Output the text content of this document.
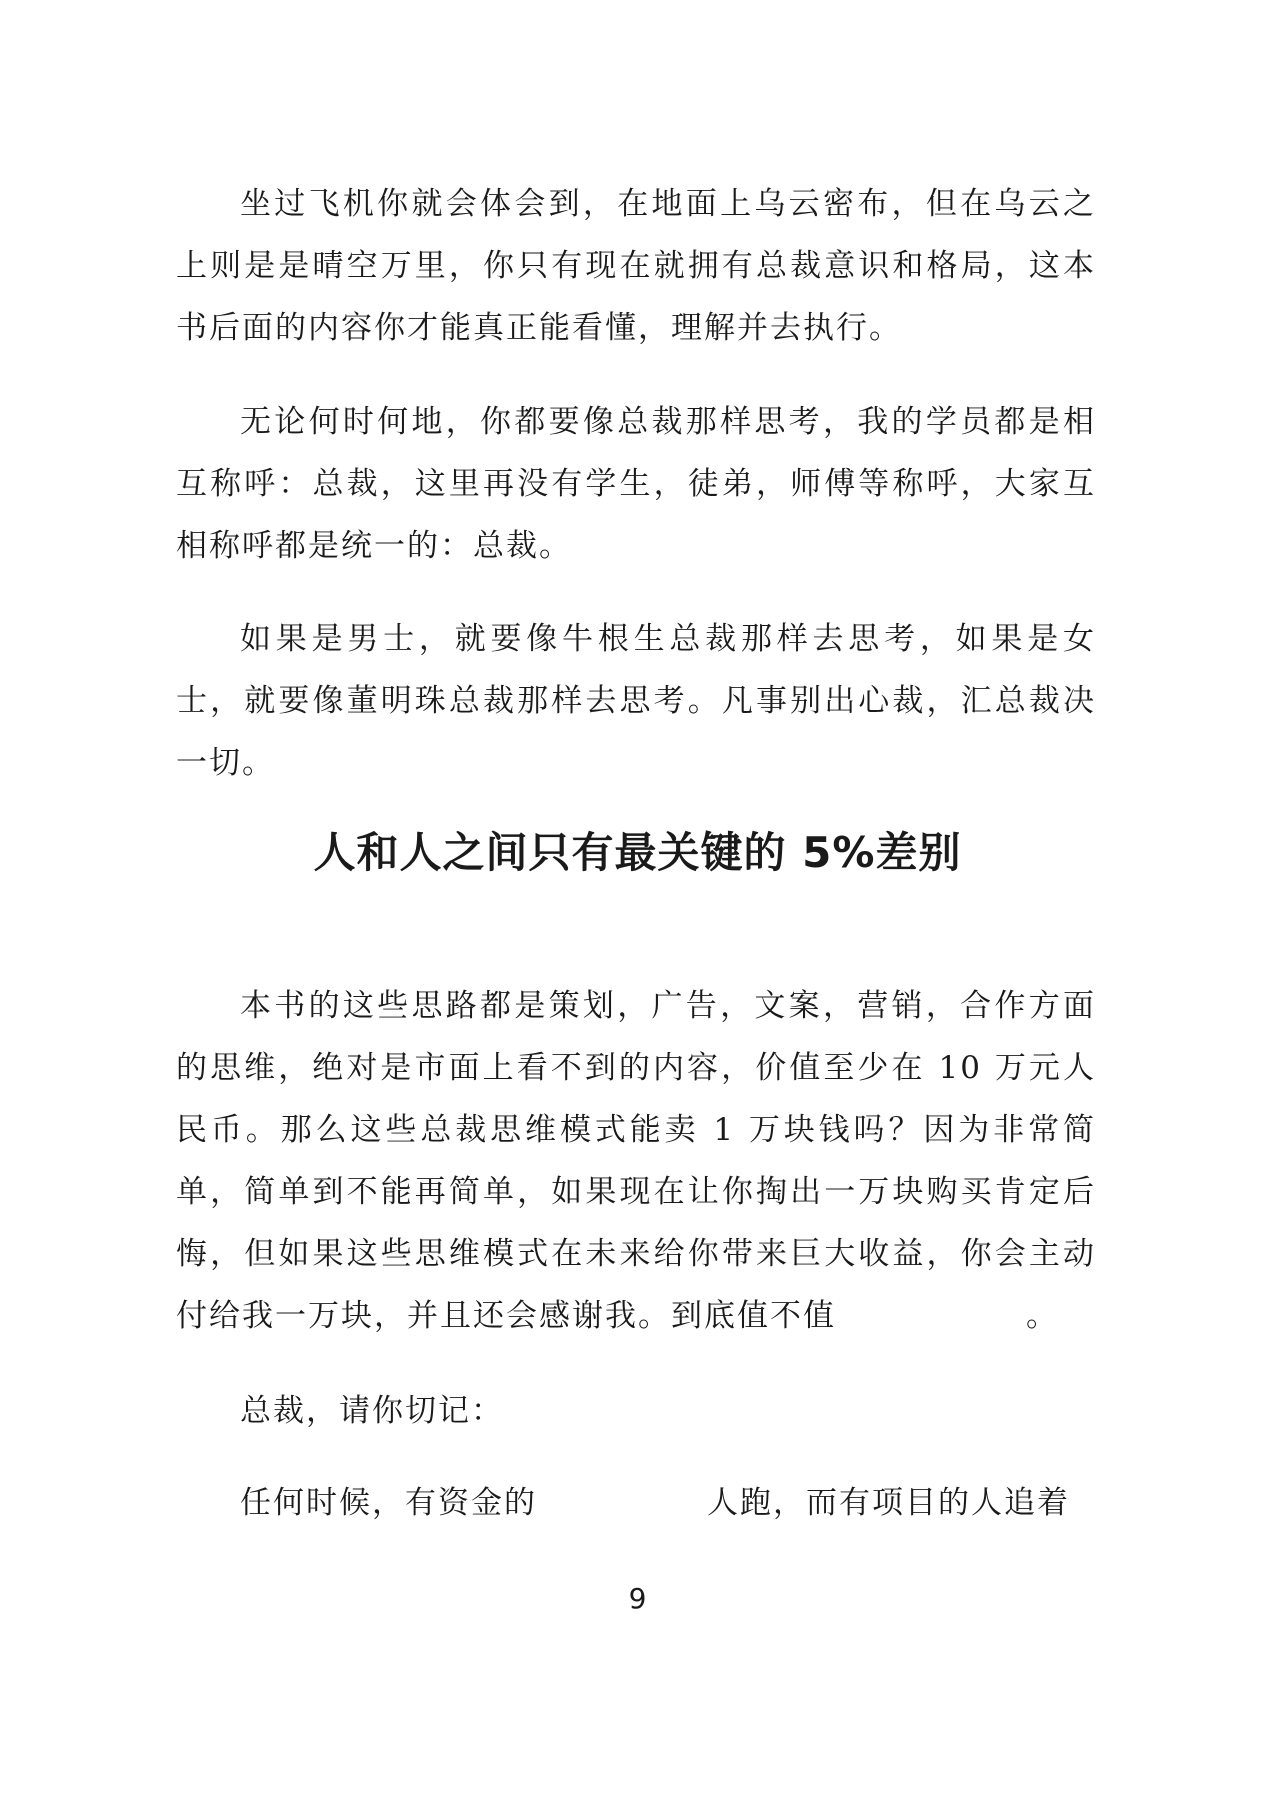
坐过飞机你就会体会到，在地面上乌云密布，但在乌云之上则是是晴空万里，你只有现在就拥有总裁意识和格局，这本书后面的内容你才能真正能看懂，理解并去执行。

无论何时何地，你都要像总裁那样思考，我的学员都是相互称呼：总裁，这里再没有学生，徒弟，师傅等称呼，大家互相称呼都是统一的：总裁。

如果是男士，就要像牛根生总裁那样去思考，如果是女士，就要像董明珠总裁那样去思考。凡事别出心裁，汇总裁决一切。

人和人之间只有最关键的 5%差别

本书的这些思路都是策划，广告，文案，营销，合作方面的思维，绝对是市面上看不到的内容，价值至少在 10 万元人民币。那么这些总裁思维模式能卖 1 万块钱吗？因为非常简单，简单到不能再简单，如果现在让你掏出一万块购买肯定后悔，但如果这些思维模式在未来给你带来巨大收益，你会主动付给我一万块，并且还会感谢我。到底值不值	。

总裁，请你切记：

任何时候，有资金的	人跑，而有项目的人追着

9
